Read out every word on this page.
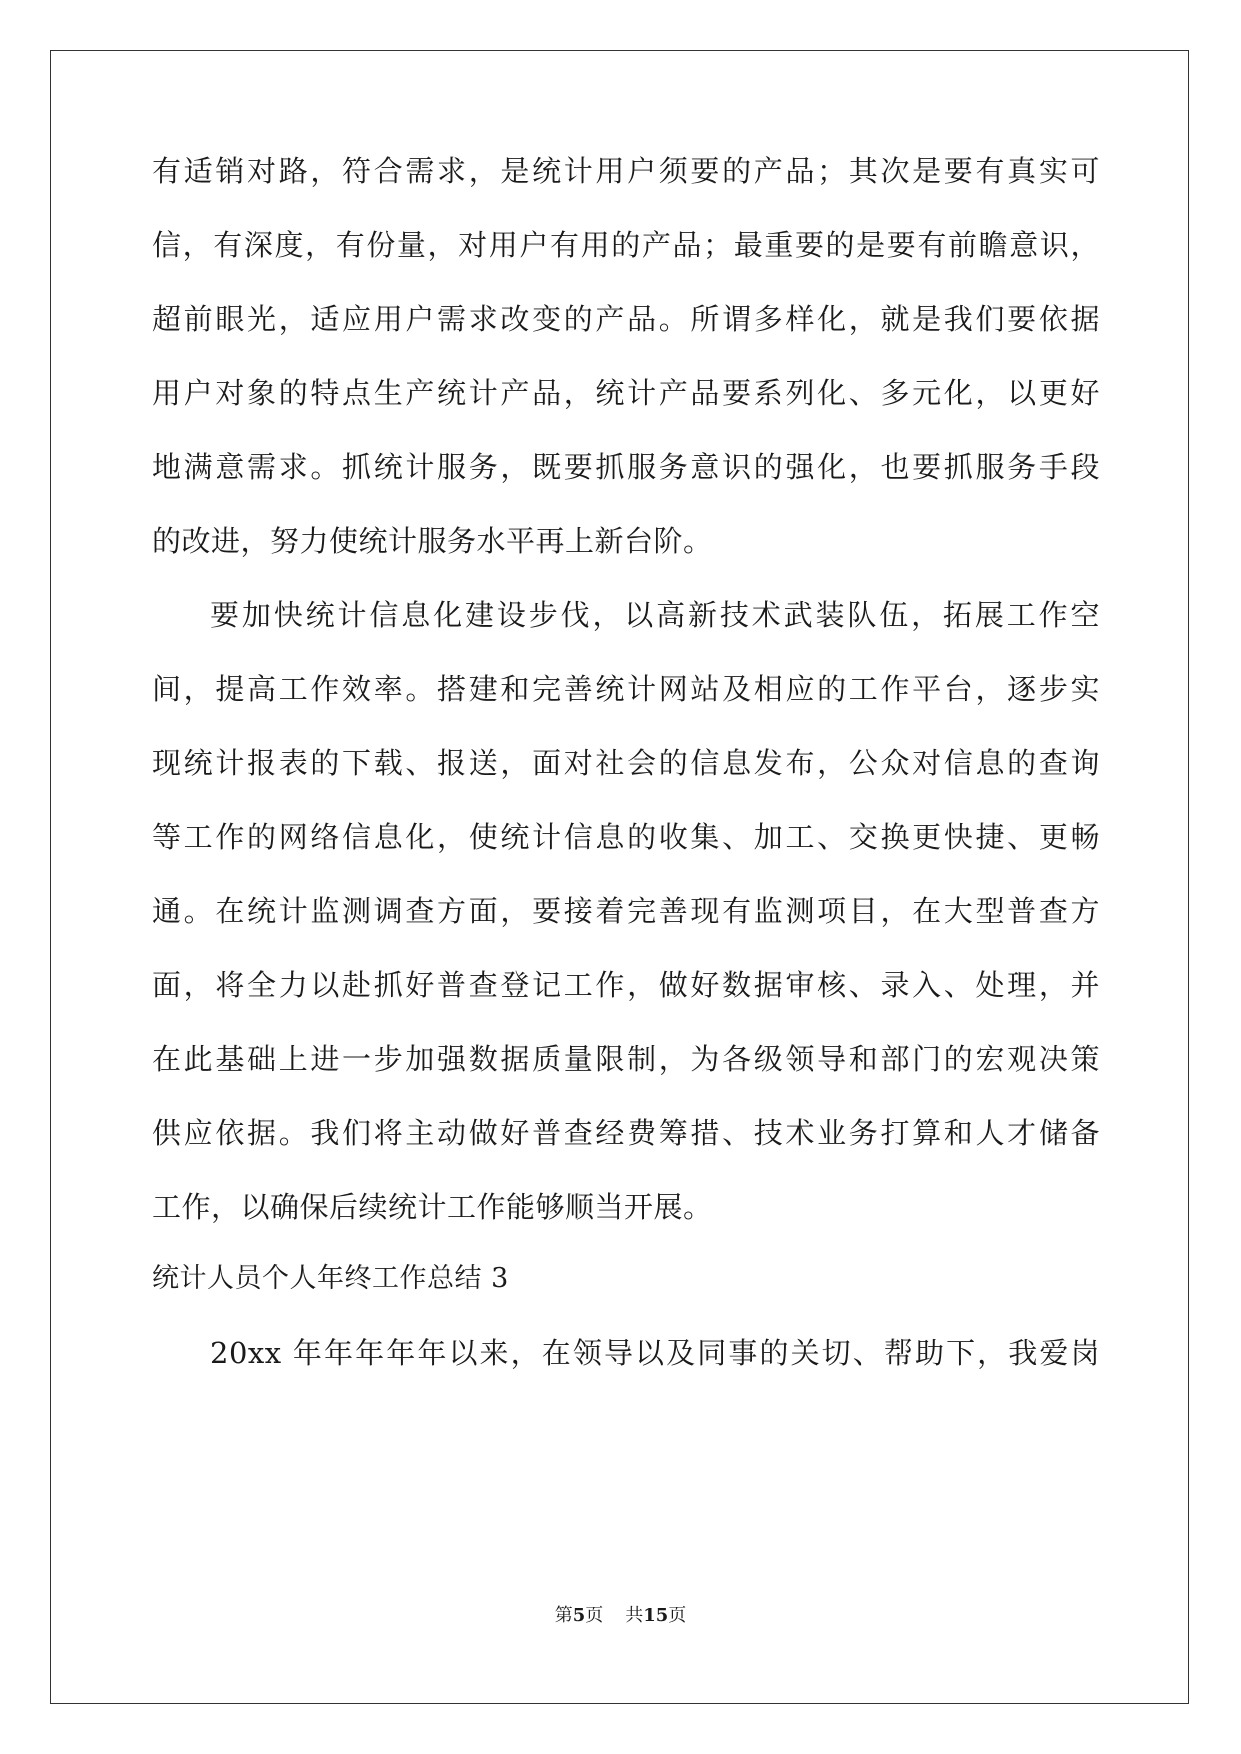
有适销对路，符合需求，是统计用户须要的产品；其次是要有真实可
信，有深度，有份量，对用户有用的产品；最重要的是要有前瞻意识，
超前眼光，适应用户需求改变的产品。所谓多样化，就是我们要依据
用户对象的特点生产统计产品，统计产品要系列化、多元化，以更好
地满意需求。抓统计服务，既要抓服务意识的强化，也要抓服务手段
的改进，努力使统计服务水平再上新台阶。
要加快统计信息化建设步伐，以高新技术武装队伍，拓展工作空
间，提高工作效率。搭建和完善统计网站及相应的工作平台，逐步实
现统计报表的下载、报送，面对社会的信息发布，公众对信息的查询
等工作的网络信息化，使统计信息的收集、加工、交换更快捷、更畅
通。在统计监测调查方面，要接着完善现有监测项目，在大型普查方
面，将全力以赴抓好普查登记工作，做好数据审核、录入、处理，并
在此基础上进一步加强数据质量限制，为各级领导和部门的宏观决策
供应依据。我们将主动做好普查经费筹措、技术业务打算和人才储备
工作，以确保后续统计工作能够顺当开展。
统计人员个人年终工作总结 3
20xx 年年年年年以来，在领导以及同事的关切、帮助下，我爱岗
第5页 共15页
